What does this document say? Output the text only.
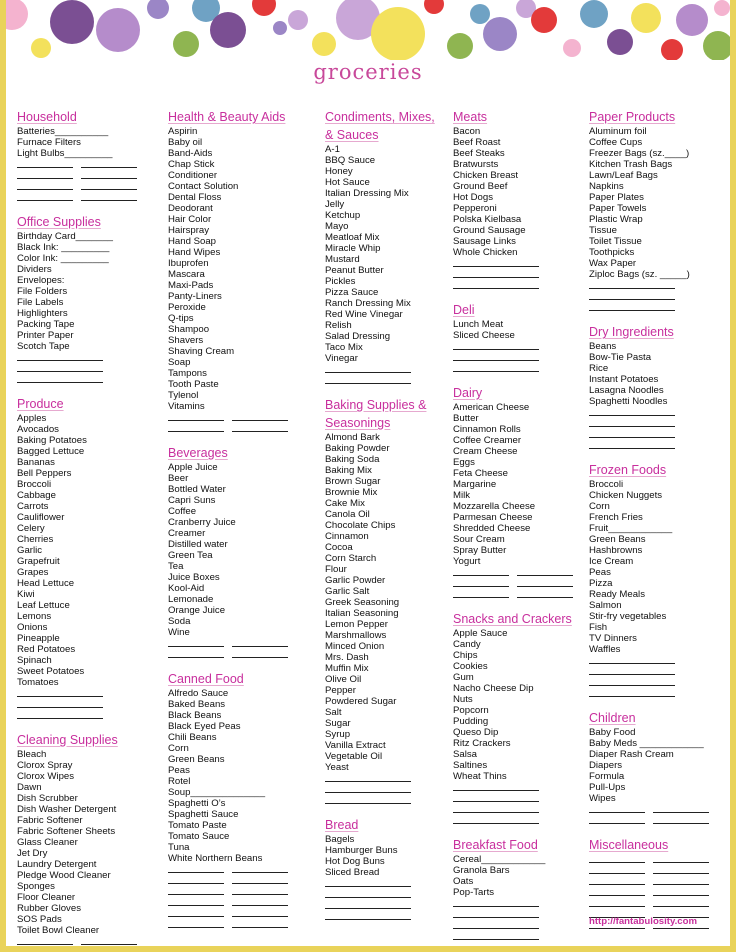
groceries
Household
Batteries__________
Furnace Filters
Light Bulbs_________
Office Supplies
Birthday Card_______
Black Ink: _________
Color Ink: _________
Dividers
Envelopes:
File Folders
File Labels
Highlighters
Packing Tape
Printer Paper
Scotch Tape
Produce
Apples
Avocados
Baking Potatoes
Bagged Lettuce
Bananas
Bell Peppers
Broccoli
Cabbage
Carrots
Cauliflower
Celery
Cherries
Garlic
Grapefruit
Grapes
Head Lettuce
Kiwi
Leaf Lettuce
Lemons
Onions
Pineapple
Red Potatoes
Spinach
Sweet Potatoes
Tomatoes
Cleaning Supplies
Bleach
Clorox Spray
Clorox Wipes
Dawn
Dish Scrubber
Dish Washer Detergent
Fabric Softener
Fabric Softener Sheets
Glass Cleaner
Jet Dry
Laundry Detergent
Pledge Wood Cleaner
Sponges
Floor Cleaner
Rubber Gloves
SOS Pads
Toilet Bowl Cleaner
Health & Beauty Aids
Aspirin
Baby oil
Band-Aids
Chap Stick
Conditioner
Contact Solution
Dental Floss
Deodorant
Hair Color
Hairspray
Hand Soap
Hand Wipes
Ibuprofen
Mascara
Maxi-Pads
Panty-Liners
Peroxide
Q-tips
Shampoo
Shavers
Shaving Cream
Soap
Tampons
Tooth Paste
Tylenol
Vitamins
Beverages
Apple Juice
Beer
Bottled Water
Capri Suns
Coffee
Cranberry Juice
Creamer
Distilled water
Green Tea
Tea
Juice Boxes
Kool-Aid
Lemonade
Orange Juice
Soda
Wine
Canned Food
Alfredo Sauce
Baked Beans
Black Beans
Black Eyed Peas
Chili Beans
Corn
Green Beans
Peas
Rotel
Soup______________
Spaghetti O’s
Spaghetti Sauce
Tomato Paste
Tomato Sauce
Tuna
White Northern Beans
Condiments, Mixes, & Sauces
A-1
BBQ Sauce
Honey
Hot Sauce
Italian Dressing Mix
Jelly
Ketchup
Mayo
Meatloaf Mix
Miracle Whip
Mustard
Peanut Butter
Pickles
Pizza Sauce
Ranch Dressing Mix
Red Wine Vinegar
Relish
Salad Dressing
Taco Mix
Vinegar
Baking Supplies & Seasonings
Almond Bark
Baking Powder
Baking Soda
Baking Mix
Brown Sugar
Brownie Mix
Cake Mix
Canola Oil
Chocolate Chips
Cinnamon
Cocoa
Corn Starch
Flour
Garlic Powder
Garlic Salt
Greek Seasoning
Italian Seasoning
Lemon Pepper
Marshmallows
Minced Onion
Mrs. Dash
Muffin Mix
Olive Oil
Pepper
Powdered Sugar
Salt
Sugar
Syrup
Vanilla Extract
Vegetable Oil
Yeast
Bread
Bagels
Hamburger Buns
Hot Dog Buns
Sliced Bread
Meats
Bacon
Beef Roast
Beef Steaks
Bratwursts
Chicken Breast
Ground Beef
Hot Dogs
Pepperoni
Polska Kielbasa
Ground Sausage
Sausage Links
Whole Chicken
Deli
Lunch Meat
Sliced Cheese
Dairy
American Cheese
Butter
Cinnamon Rolls
Coffee Creamer
Cream Cheese
Eggs
Feta Cheese
Margarine
Milk
Mozzarella Cheese
Parmesan Cheese
Shredded Cheese
Sour Cream
Spray Butter
Yogurt
Snacks and Crackers
Apple Sauce
Candy
Chips
Cookies
Gum
Nacho Cheese Dip
Nuts
Popcorn
Pudding
Queso Dip
Ritz Crackers
Salsa
Saltines
Wheat Thins
Breakfast Food
Cereal____________
Granola Bars
Oats
Pop-Tarts
Paper Products
Aluminum foil
Coffee Cups
Freezer Bags (sz.____)
Kitchen Trash Bags
Lawn/Leaf Bags
Napkins
Paper Plates
Paper Towels
Plastic Wrap
Tissue
Toilet Tissue
Toothpicks
Wax Paper
Ziploc Bags (sz. _____)
Dry Ingredients
Beans
Bow-Tie Pasta
Rice
Instant Potatoes
Lasagna Noodles
Spaghetti Noodles
Frozen Foods
Broccoli
Chicken Nuggets
Corn
French Fries
Fruit____________
Green Beans
Hashbrowns
Ice Cream
Peas
Pizza
Ready Meals
Salmon
Stir-fry vegetables
Fish
TV Dinners
Waffles
Children
Baby Food
Baby Meds ____________
Diaper Rash Cream
Diapers
Formula
Pull-Ups
Wipes
Miscellaneous
http://fantabulosity.com
